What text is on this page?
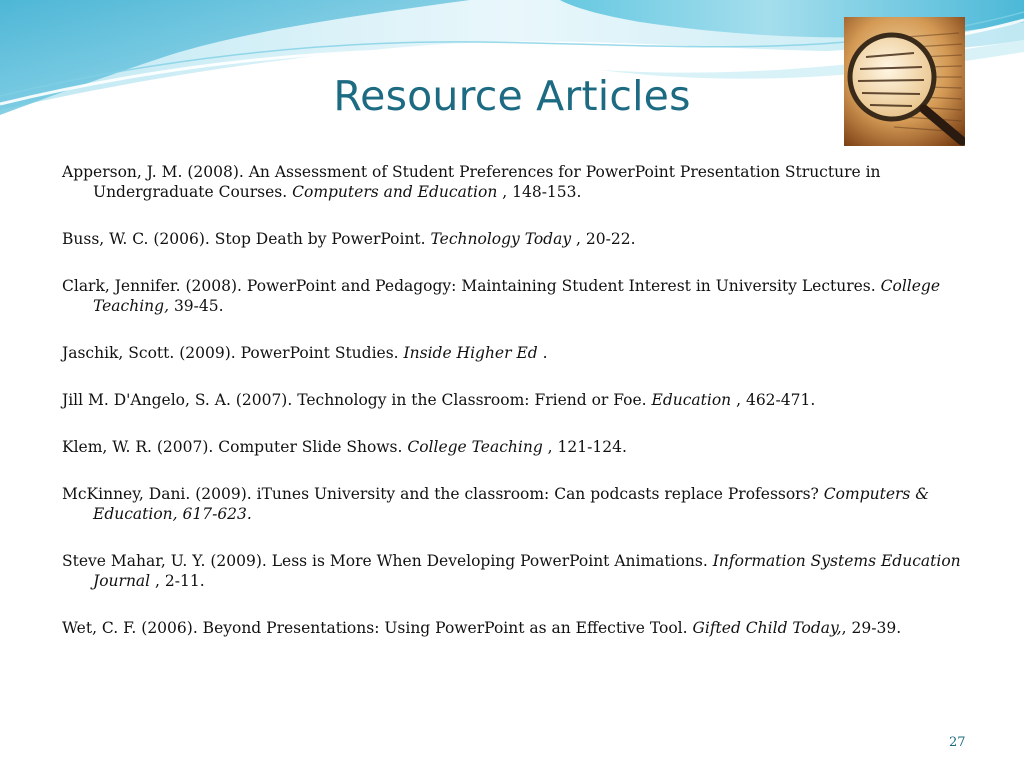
Resource Articles
Apperson, J. M. (2008). An Assessment of Student Preferences for PowerPoint Presentation Structure in Undergraduate Courses. Computers and Education , 148-153.
Buss, W. C. (2006). Stop Death by PowerPoint. Technology Today , 20-22.
Clark, Jennifer. (2008). PowerPoint and Pedagogy: Maintaining Student Interest in University Lectures. College Teaching, 39-45.
Jaschik, Scott. (2009). PowerPoint Studies. Inside Higher Ed .
Jill M. D'Angelo, S. A. (2007). Technology in the Classroom: Friend or Foe. Education , 462-471.
Klem, W. R. (2007). Computer Slide Shows. College Teaching , 121-124.
McKinney, Dani. (2009). iTunes University and the classroom: Can podcasts replace Professors? Computers & Education, 617-623.
Steve Mahar, U. Y. (2009). Less is More When Developing PowerPoint Animations. Information Systems Education Journal , 2-11.
Wet, C. F. (2006). Beyond Presentations: Using PowerPoint as an Effective Tool. Gifted Child Today,, 29-39.
27
